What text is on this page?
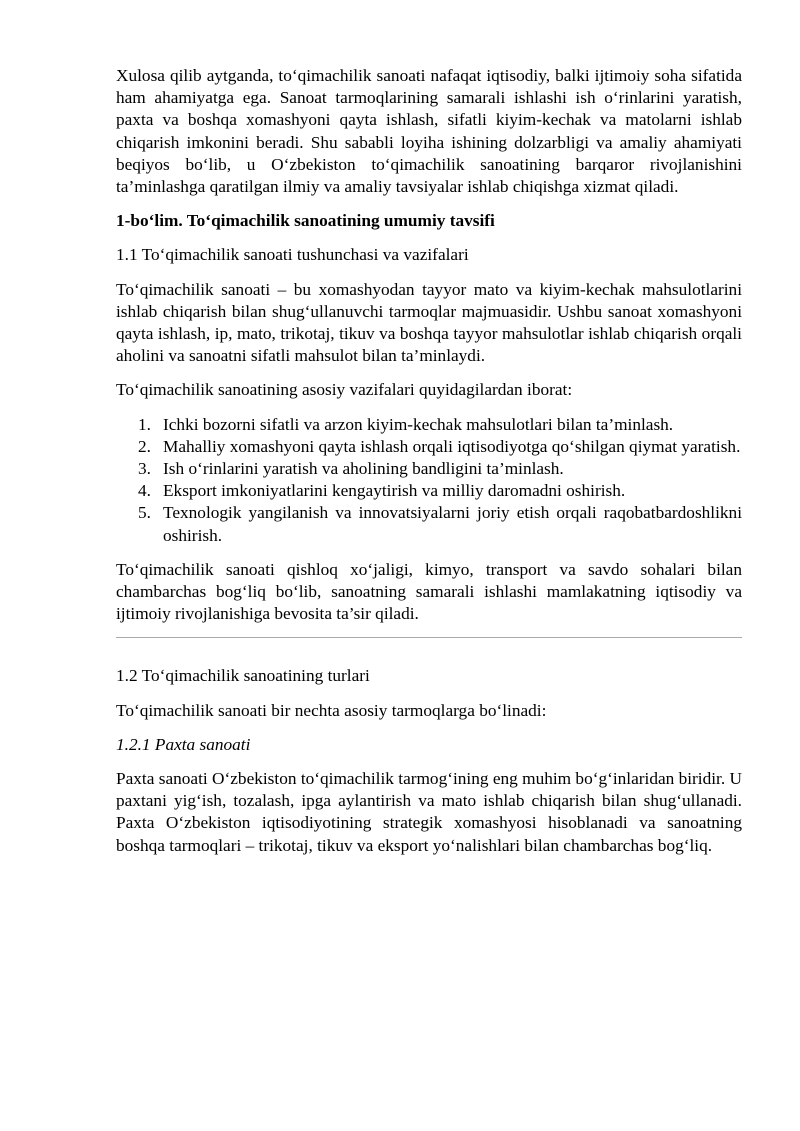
Xulosa qilib aytganda, to‘qimachilik sanoati nafaqat iqtisodiy, balki ijtimoiy soha sifatida ham ahamiyatga ega. Sanoat tarmoqlarining samarali ishlashi ish o‘rinlarini yaratish, paxta va boshqa xomashyoni qayta ishlash, sifatli kiyim-kechak va matolarni ishlab chiqarish imkonini beradi. Shu sababli loyiha ishining dolzarbligi va amaliy ahamiyati beqiyos bo‘lib, u O‘zbekiston to‘qimachilik sanoatining barqaror rivojlanishini ta’minlashga qaratilgan ilmiy va amaliy tavsiyalar ishlab chiqishga xizmat qiladi.

1-bo‘lim. To‘qimachilik sanoatining umumiy tavsifi

1.1 To‘qimachilik sanoati tushunchasi va vazifalari

To‘qimachilik sanoati – bu xomashyodan tayyor mato va kiyim-kechak mahsulotlarini ishlab chiqarish bilan shug‘ullanuvchi tarmoqlar majmuasidir. Ushbu sanoat xomashyoni qayta ishlash, ip, mato, trikotaj, tikuv va boshqa tayyor mahsulotlar ishlab chiqarish orqali aholini va sanoatni sifatli mahsulot bilan ta’minlaydi.

To‘qimachilik sanoatining asosiy vazifalari quyidagilardan iborat:

1. Ichki bozorni sifatli va arzon kiyim-kechak mahsulotlari bilan ta’minlash.
2. Mahalliy xomashyoni qayta ishlash orqali iqtisodiyotga qo‘shilgan qiymat yaratish.
3. Ish o‘rinlarini yaratish va aholining bandligini ta’minlash.
4. Eksport imkoniyatlarini kengaytirish va milliy daromadni oshirish.
5. Texnologik yangilanish va innovatsiyalarni joriy etish orqali raqobatbardoshlikni oshirish.

To‘qimachilik sanoati qishloq xo‘jaligi, kimyo, transport va savdo sohalari bilan chambarchas bog‘liq bo‘lib, sanoatning samarali ishlashi mamlakatning iqtisodiy va ijtimoiy rivojlanishiga bevosita ta’sir qiladi.

1.2 To‘qimachilik sanoatining turlari

To‘qimachilik sanoati bir nechta asosiy tarmoqlarga bo‘linadi:

1.2.1 Paxta sanoati

Paxta sanoati O‘zbekiston to‘qimachilik tarmog‘ining eng muhim bo‘g‘inlaridan biridir. U paxtani yig‘ish, tozalash, ipga aylantirish va mato ishlab chiqarish bilan shug‘ullanadi. Paxta O‘zbekiston iqtisodiyotining strategik xomashyosi hisoblanadi va sanoatning boshqa tarmoqlari – trikotaj, tikuv va eksport yo‘nalishlari bilan chambarchas bog‘liq.
